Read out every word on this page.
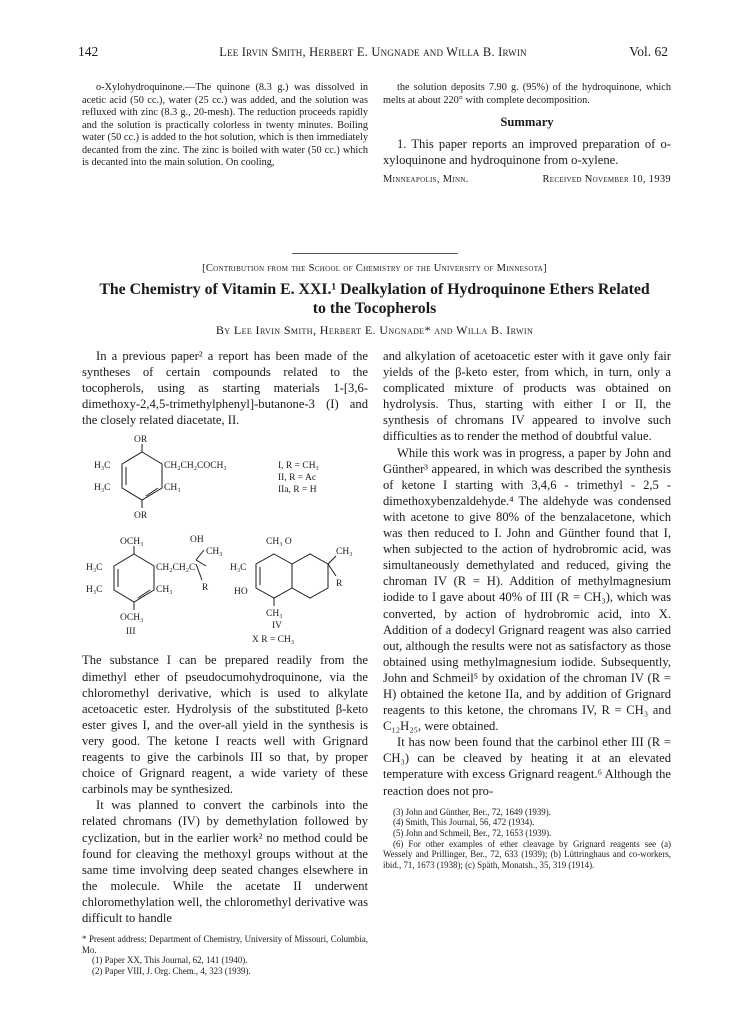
142	Lee Irvin Smith, Herbert E. Ungnade and Willa B. Irwin	Vol. 62

o-Xylohydroquinone.—The quinone (8.3 g.) was dissolved in acetic acid (50 cc.), water (25 cc.) was added, and the solution was refluxed with zinc (8.3 g., 20-mesh). The reduction proceeds rapidly and the solution is practically colorless in twenty minutes. Boiling water (50 cc.) is added to the hot solution, which is then immediately decanted from the zinc. The zinc is boiled with water (50 cc.) which is decanted into the main solution. On cooling,

the solution deposits 7.90 g. (95%) of the hydroquinone, which melts at about 220° with complete decomposition.

Summary

1. This paper reports an improved preparation of o-xyloquinone and hydroquinone from o-xylene.

Minneapolis, Minn.	Received November 10, 1939
[Contribution from the School of Chemistry of the University of Minnesota]
The Chemistry of Vitamin E. XXI.¹ Dealkylation of Hydroquinone Ethers Related
to the Tocopherols
By Lee Irvin Smith, Herbert E. Ungnade* and Willa B. Irwin

In a previous paper² a report has been made of the syntheses of certain compounds related to the tocopherols, using as starting materials 1-[3,6-dimethoxy-2,4,5-trimethylphenyl]-butanone-3 (I) and the closely related diacetate, II.

OR
H₃C	CH₂CH₂COCH₃
H₃C	CH₃
OR
I, R = CH₃
II, R = Ac
IIa, R = H
OCH₃	OH
CH₃
H₃C	CH₂CH₂C
R
H₃C	CH₃
OCH₃
III
CH₃ O
CH₃
H₃C
R
HO
CH₃
IV
X R = CH₃

The substance I can be prepared readily from the dimethyl ether of pseudocumohydroquinone, via the chloromethyl derivative, which is used to alkylate acetoacetic ester. Hydrolysis of the substituted β-keto ester gives I, and the over-all yield in the synthesis is very good. The ketone I reacts well with Grignard reagents to give the carbinols III so that, by proper choice of Grignard reagent, a wide variety of these carbinols may be synthesized.

It was planned to convert the carbinols into the related chromans (IV) by demethylation followed by cyclization, but in the earlier work² no method could be found for cleaving the methoxyl groups without at the same time involving deep seated changes elsewhere in the molecule. While the acetate II underwent chloromethylation well, the chloromethyl derivative was difficult to handle

* Present address: Department of Chemistry, University of Missouri, Columbia, Mo.

(1) Paper XX, This Journal, 62, 141 (1940).

(2) Paper VIII, J. Org. Chem., 4, 323 (1939).

and alkylation of acetoacetic ester with it gave only fair yields of the β-keto ester, from which, in turn, only a complicated mixture of products was obtained on hydrolysis. Thus, starting with either I or II, the synthesis of chromans IV appeared to involve such difficulties as to render the method of doubtful value.

While this work was in progress, a paper by John and Günther³ appeared, in which was described the synthesis of ketone I starting with 3,4,6 - trimethyl - 2,5 - dimethoxybenzaldehyde.⁴ The aldehyde was condensed with acetone to give 80% of the benzalacetone, which was then reduced to I. John and Günther found that I, when subjected to the action of hydrobromic acid, was simultaneously demethylated and reduced, giving the chroman IV (R = H). Addition of methylmagnesium iodide to I gave about 40% of III (R = CH₃), which was converted, by action of hydrobromic acid, into X. Addition of a dodecyl Grignard reagent was also carried out, although the results were not as satisfactory as those obtained using methylmagnesium iodide. Subsequently, John and Schmeil⁵ by oxidation of the chroman IV (R = H) obtained the ketone IIa, and by addition of Grignard reagents to this ketone, the chromans IV, R = CH₃ and C₁₂H₂₅, were obtained.

It has now been found that the carbinol ether III (R = CH₃) can be cleaved by heating it at an elevated temperature with excess Grignard reagent.⁶ Although the reaction does not pro-

(3) John and Günther, Ber., 72, 1649 (1939).

(4) Smith, This Journal, 56, 472 (1934).

(5) John and Schmeil, Ber., 72, 1653 (1939).

(6) For other examples of ether cleavage by Grignard reagents see (a) Wessely and Prillinger, Ber., 72, 633 (1939); (b) Lüttringhaus and co-workers, ibid., 71, 1673 (1938); (c) Späth, Monatsh., 35, 319 (1914).
